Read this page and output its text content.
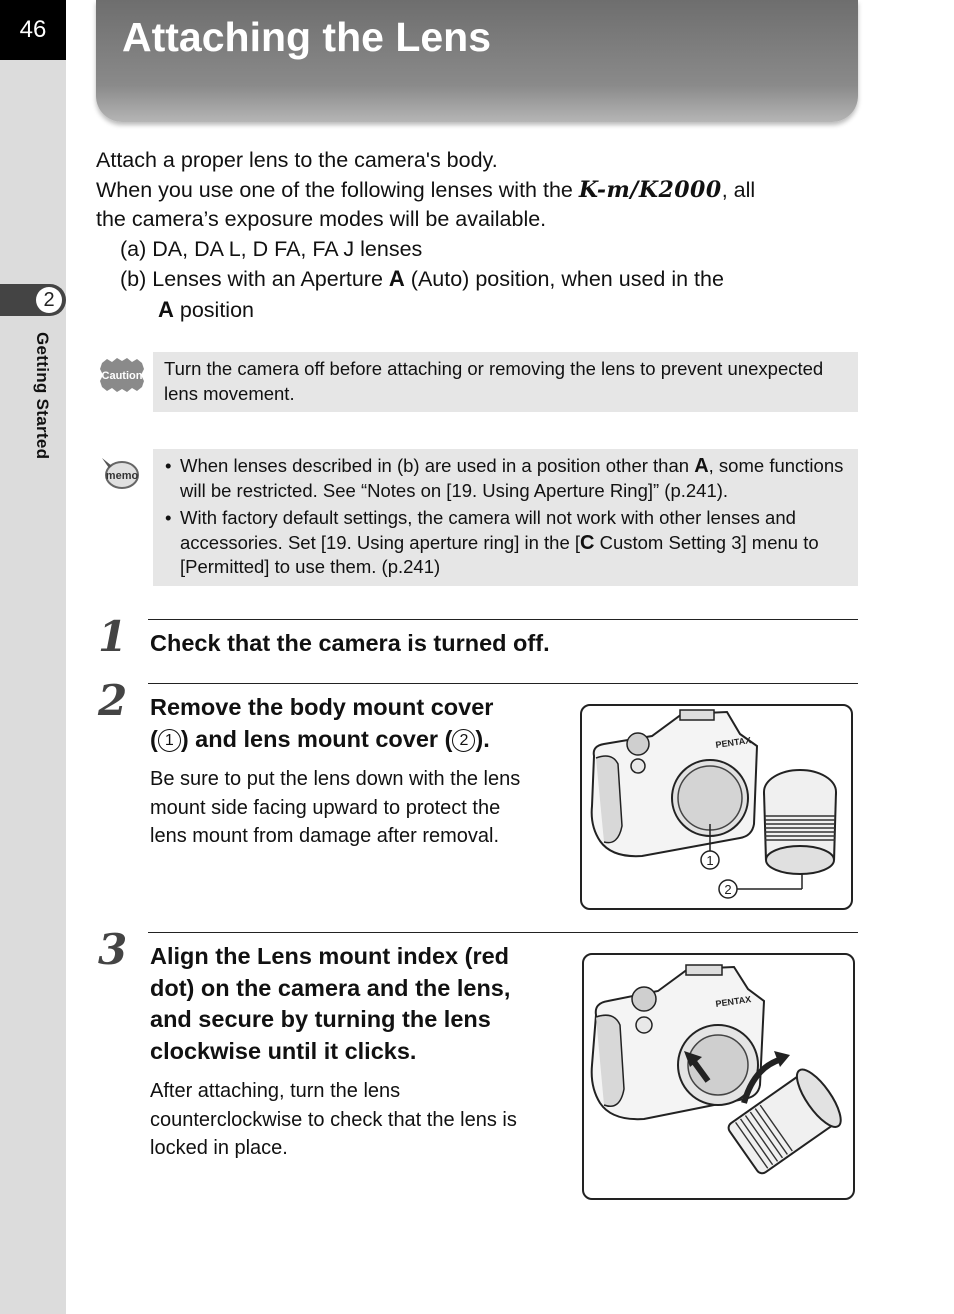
46
2
Getting Started
Attaching the Lens

Attach a proper lens to the camera's body.

When you use one of the following lenses with the K-m/K2000, all

the camera’s exposure modes will be available.

(a) DA, DA L, D FA, FA J lenses

(b) Lenses with an Aperture A (Auto) position, when used in the

A position

Caution	Turn the camera off before attaching or removing the lens to prevent unexpected lens movement.
memo
•	When lenses described in (b) are used in a position other than A, some functions will be restricted. See “Notes on [19. Using Aperture Ring]” (p.241).
• With factory default settings, the camera will not work with other lenses and accessories. Set [19. Using aperture ring] in the [C Custom Setting 3] menu to [Permitted] to use them. (p.241)
1 Check that the camera is turned off.
2 Remove the body mount cover
( 1 ) and lens mount cover ( 2 ).
Be sure to put the lens down with the lens mount side facing upward to protect the lens mount from damage after removal.
PENTAX
1
2
3 Align the Lens mount index (red dot) on the camera and the lens, and secure by turning the lens clockwise until it clicks.
After attaching, turn the lens counterclockwise to check that the lens is locked in place.
PENTAX
